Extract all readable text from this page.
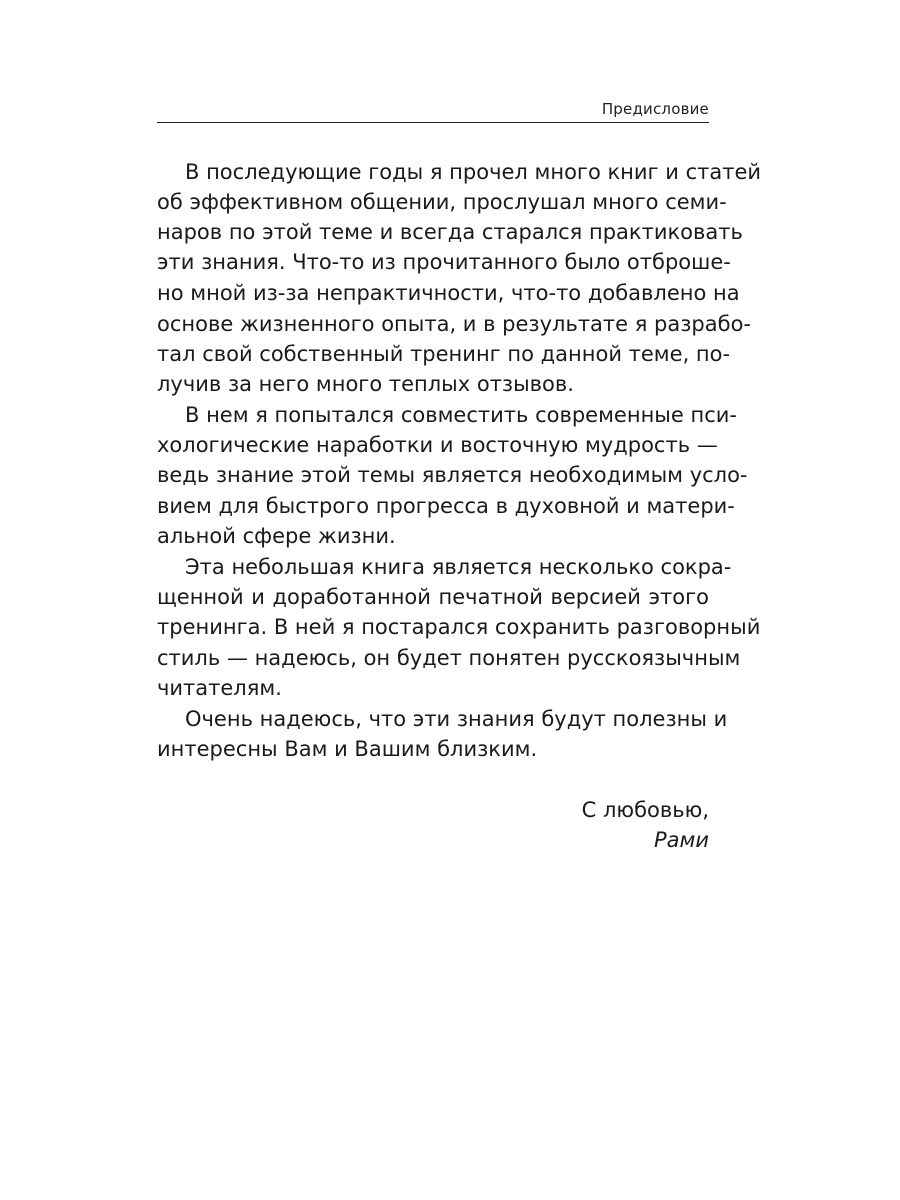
Предисловие
В последующие годы я прочел много книг и статей
об эффективном общении, прослушал много семи-
наров по этой теме и всегда старался практиковать
эти знания. Что-то из прочитанного было отброше-
но мной из-за непрактичности, что-то добавлено на
основе жизненного опыта, и в результате я разрабо-
тал свой собственный тренинг по данной теме, по-
лучив за него много теплых отзывов.
В нем я попытался совместить современные пси-
хологические наработки и восточную мудрость —
ведь знание этой темы является необходимым усло-
вием для быстрого прогресса в духовной и матери-
альной сфере жизни.
Эта небольшая книга является несколько сокра-
щенной и доработанной печатной версией этого
тренинга. В ней я постарался сохранить разговорный
стиль — надеюсь, он будет понятен русскоязычным
читателям.
Очень надеюсь, что эти знания будут полезны и
интересны Вам и Вашим близким.
С любовью,
Рами
